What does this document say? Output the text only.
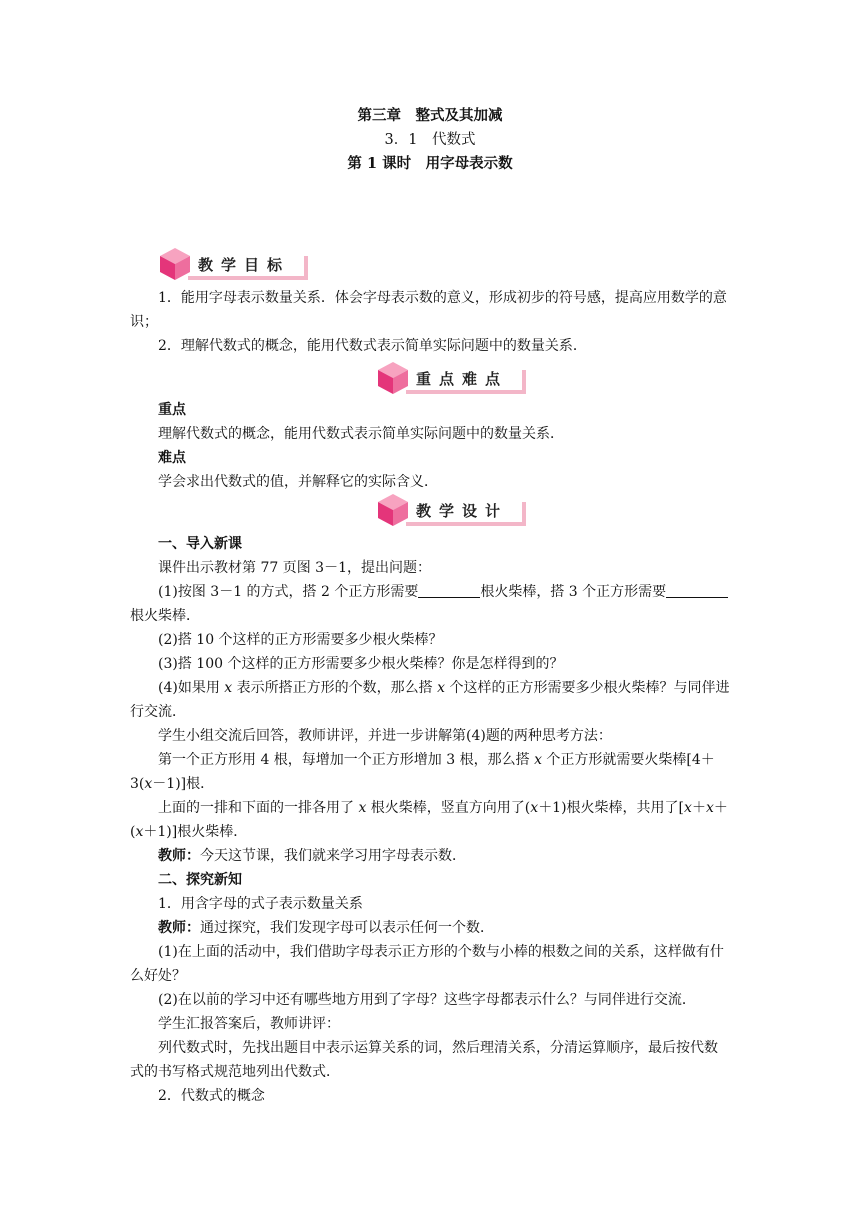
第三章　整式及其加减
3．1　代数式
第 1 课时　用字母表示数
教学目标

1．能用字母表示数量关系．体会字母表示数的意义，形成初步的符号感，提高应用数学的意识；

2．理解代数式的概念，能用代数式表示简单实际问题中的数量关系．

重点难点

重点

理解代数式的概念，能用代数式表示简单实际问题中的数量关系．

难点

学会求出代数式的值，并解释它的实际含义．

教学设计

一、导入新课

课件出示教材第 77 页图 3－1，提出问题：

(1)按图 3－1 的方式，搭 2 个正方形需要	根火柴棒，搭 3 个正方形需要
根火柴棒．

(2)搭 10 个这样的正方形需要多少根火柴棒？

(3)搭 100 个这样的正方形需要多少根火柴棒？你是怎样得到的？

(4)如果用 x 表示所搭正方形的个数，那么搭 x 个这样的正方形需要多少根火柴棒？与同伴进行交流．

学生小组交流后回答，教师讲评，并进一步讲解第(4)题的两种思考方法：

第一个正方形用 4 根，每增加一个正方形增加 3 根，那么搭 x 个正方形就需要火柴棒[4＋3(x－1)]根．

上面的一排和下面的一排各用了 x 根火柴棒，竖直方向用了(x＋1)根火柴棒，共用了[x＋x＋(x＋1)]根火柴棒．

教师：今天这节课，我们就来学习用字母表示数．

二、探究新知

1．用含字母的式子表示数量关系

教师：通过探究，我们发现字母可以表示任何一个数．

(1)在上面的活动中，我们借助字母表示正方形的个数与小棒的根数之间的关系，这样做有什么好处？

(2)在以前的学习中还有哪些地方用到了字母？这些字母都表示什么？与同伴进行交流．

学生汇报答案后，教师讲评：

列代数式时，先找出题目中表示运算关系的词，然后理清关系，分清运算顺序，最后按代数式的书写格式规范地列出代数式．

2．代数式的概念
